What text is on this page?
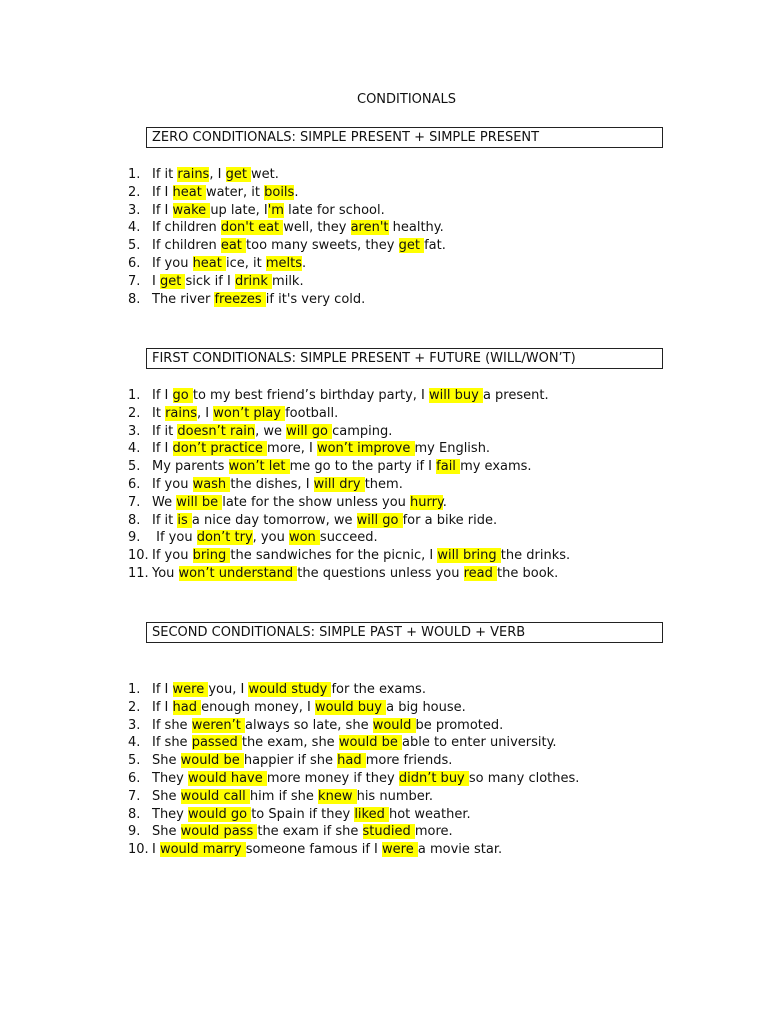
CONDITIONALS
ZERO CONDITIONALS: SIMPLE PRESENT + SIMPLE PRESENT
1. If it rains, I get wet.
2. If I heat water, it boils.
3. If I wake up late, I'm late for school.
4. If children don't eat well, they aren't healthy.
5. If children eat too many sweets, they get fat.
6. If you heat ice, it melts.
7. I get sick if I drink milk.
8. The river freezes if it's very cold.
FIRST CONDITIONALS: SIMPLE PRESENT + FUTURE (WILL/WON’T)
1. If I go to my best friend’s birthday party, I will buy a present.
2. It rains, I won’t play football.
3. If it doesn’t rain, we will go camping.
4. If I don’t practice more, I won’t improve my English.
5. My parents won’t let me go to the party if I fail my exams.
6. If you wash the dishes, I will dry them.
7. We will be late for the show unless you hurry.
8. If it is a nice day tomorrow, we will go for a bike ride.
9. If you don’t try, you won succeed.
10. If you bring the sandwiches for the picnic, I will bring the drinks.
11. You won’t understand the questions unless you read the book.
SECOND CONDITIONALS: SIMPLE PAST + WOULD + VERB
1. If I were you, I would study for the exams.
2. If I had enough money, I would buy a big house.
3. If she weren’t always so late, she would be promoted.
4. If she passed the exam, she would be able to enter university.
5. She would be happier if she had more friends.
6. They would have more money if they didn’t buy so many clothes.
7. She would call him if she knew his number.
8. They would go to Spain if they liked hot weather.
9. She would pass the exam if she studied more.
10. I would marry someone famous if I were a movie star.
